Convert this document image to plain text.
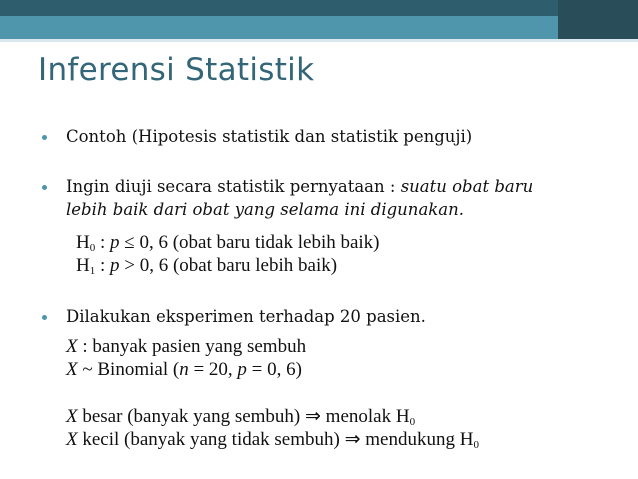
Inferensi Statistik
Contoh (Hipotesis statistik dan statistik penguji)
Ingin diuji secara statistik pernyataan : suatu obat baru
lebih baik dari obat yang selama ini digunakan.
$H_0$ : p ≤ 0, 6 (obat baru tidak lebih baik)
$H_1$ : p > 0, 6 (obat baru lebih baik)
Dilakukan eksperimen terhadap 20 pasien.
X : banyak pasien yang sembuh
X ~ Binomial (n = 20, p = 0, 6)
X besar (banyak yang sembuh) ⇒ menolak $H_0$
X kecil (banyak yang tidak sembuh) ⇒ mendukung $H_0$
